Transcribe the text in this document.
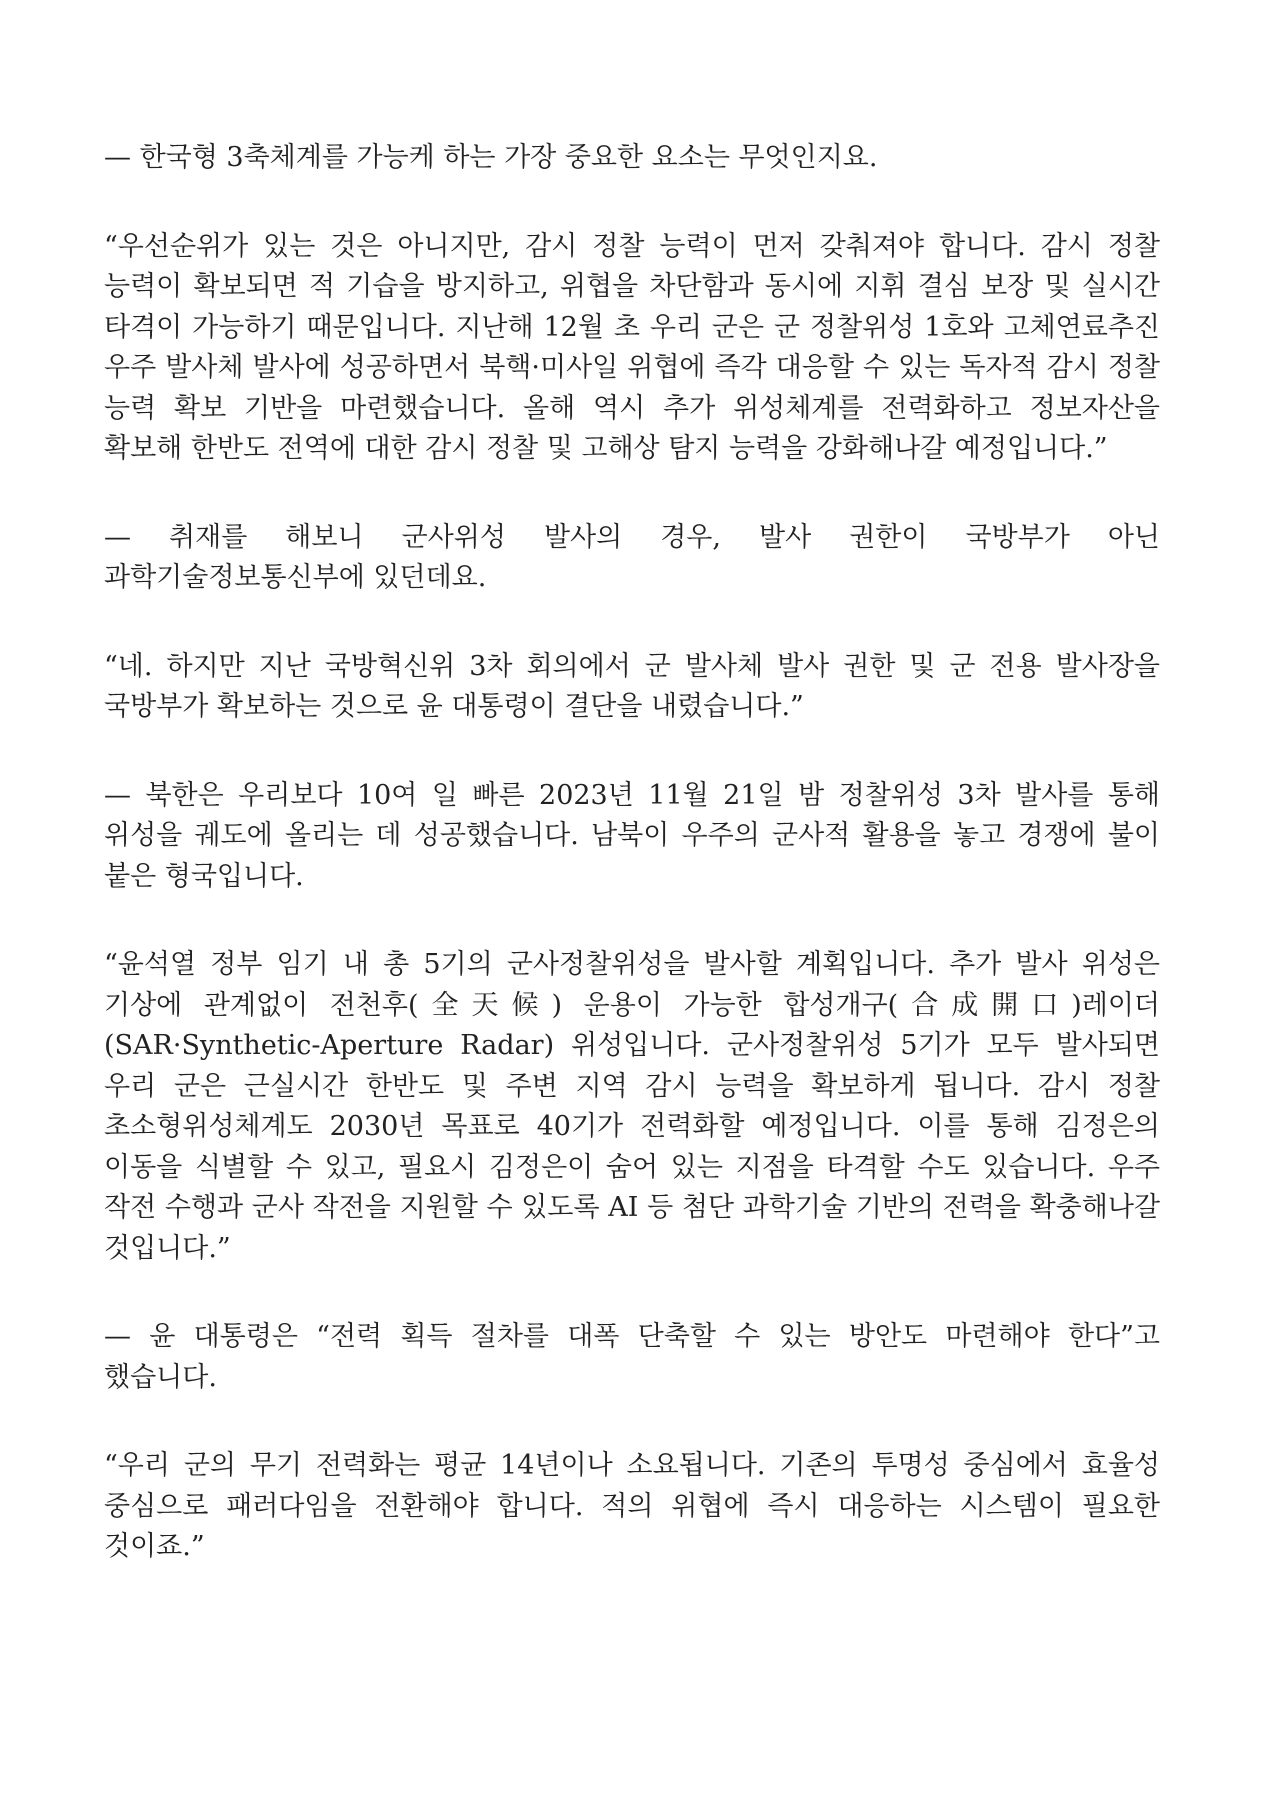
— 한국형 3축체계를 가능케 하는 가장 중요한 요소는 무엇인지요.

“우선순위가 있는 것은 아니지만, 감시 정찰 능력이 먼저 갖춰져야 합니다. 감시 정찰 능력이 확보되면 적 기습을 방지하고, 위협을 차단함과 동시에 지휘 결심 보장 및 실시간 타격이 가능하기 때문입니다. 지난해 12월 초 우리 군은 군 정찰위성 1호와 고체연료추진 우주 발사체 발사에 성공하면서 북핵·미사일 위협에 즉각 대응할 수 있는 독자적 감시 정찰 능력 확보 기반을 마련했습니다. 올해 역시 추가 위성체계를 전력화하고 정보자산을 확보해 한반도 전역에 대한 감시 정찰 및 고해상 탐지 능력을 강화해나갈 예정입니다.”

— 취재를 해보니 군사위성 발사의 경우, 발사 권한이 국방부가 아닌 과학기술정보통신부에 있던데요.

“네. 하지만 지난 국방혁신위 3차 회의에서 군 발사체 발사 권한 및 군 전용 발사장을 국방부가 확보하는 것으로 윤 대통령이 결단을 내렸습니다.”

— 북한은 우리보다 10여 일 빠른 2023년 11월 21일 밤 정찰위성 3차 발사를 통해 위성을 궤도에 올리는 데 성공했습니다. 남북이 우주의 군사적 활용을 놓고 경쟁에 불이 붙은 형국입니다.

“윤석열 정부 임기 내 총 5기의 군사정찰위성을 발사할 계획입니다. 추가 발사 위성은 기상에 관계없이 전천후(全天候) 운용이 가능한 합성개구(合成開口)레이더(SAR·Synthetic-Aperture Radar) 위성입니다. 군사정찰위성 5기가 모두 발사되면 우리 군은 근실시간 한반도 및 주변 지역 감시 능력을 확보하게 됩니다. 감시 정찰 초소형위성체계도 2030년 목표로 40기가 전력화할 예정입니다. 이를 통해 김정은의 이동을 식별할 수 있고, 필요시 김정은이 숨어 있는 지점을 타격할 수도 있습니다. 우주 작전 수행과 군사 작전을 지원할 수 있도록 AI 등 첨단 과학기술 기반의 전력을 확충해나갈 것입니다.”

— 윤 대통령은 “전력 획득 절차를 대폭 단축할 수 있는 방안도 마련해야 한다”고 했습니다.

“우리 군의 무기 전력화는 평균 14년이나 소요됩니다. 기존의 투명성 중심에서 효율성 중심으로 패러다임을 전환해야 합니다. 적의 위협에 즉시 대응하는 시스템이 필요한 것이죠.”
